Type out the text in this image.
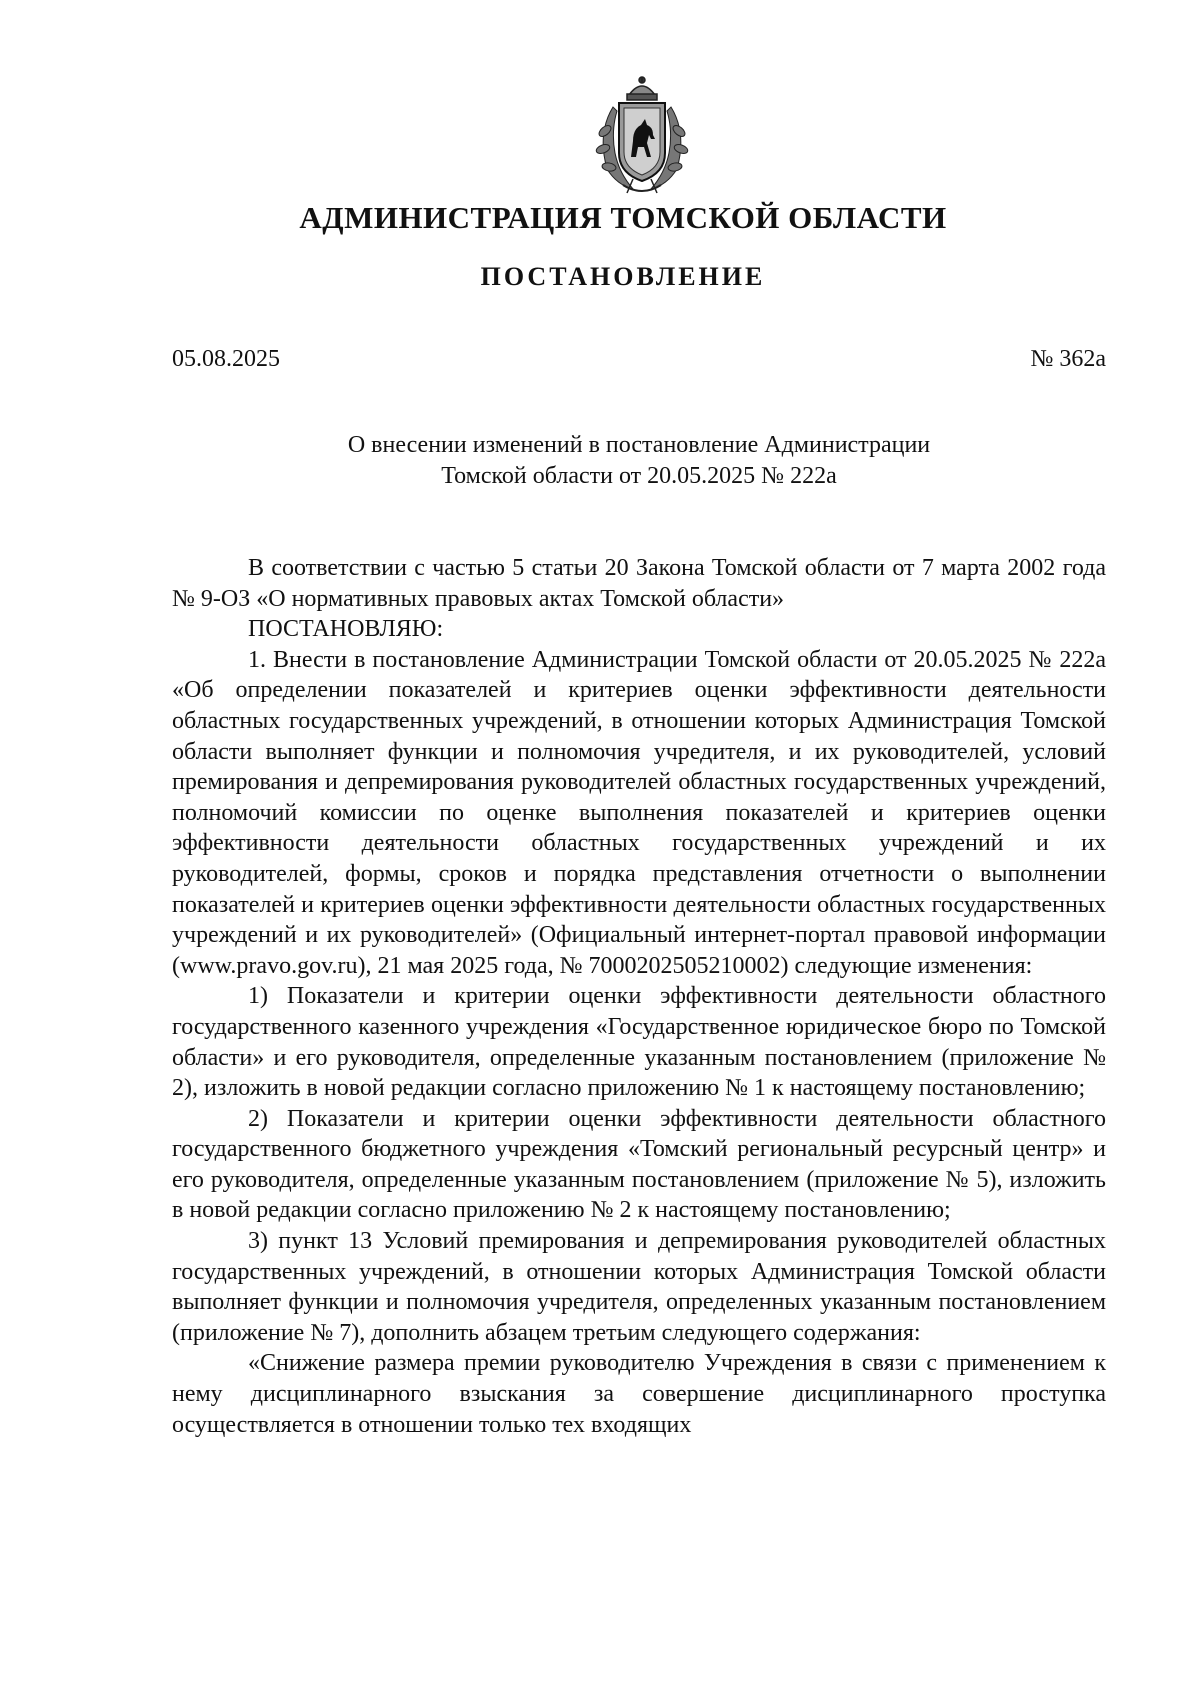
АДМИНИСТРАЦИЯ ТОМСКОЙ ОБЛАСТИ
ПОСТАНОВЛЕНИЕ
05.08.2025	№ 362а
О внесении изменений в постановление Администрации
Томской области от 20.05.2025 № 222а

В соответствии с частью 5 статьи 20 Закона Томской области от 7 марта 2002 года № 9-ОЗ «О нормативных правовых актах Томской области»

ПОСТАНОВЛЯЮ:

1. Внести в постановление Администрации Томской области от 20.05.2025 № 222а «Об определении показателей и критериев оценки эффективности деятельности областных государственных учреждений, в отношении которых Администрация Томской области выполняет функции и полномочия учредителя, и их руководителей, условий премирования и депремирования руководителей областных государственных учреждений, полномочий комиссии по оценке выполнения показателей и критериев оценки эффективности деятельности областных государственных учреждений и их руководителей, формы, сроков и порядка представления отчетности о выполнении показателей и критериев оценки эффективности деятельности областных государственных учреждений и их руководителей» (Официальный интернет-портал правовой информации (www.pravo.gov.ru), 21 мая 2025 года, № 7000202505210002) следующие изменения:

1) Показатели и критерии оценки эффективности деятельности областного государственного казенного учреждения «Государственное юридическое бюро по Томской области» и его руководителя, определенные указанным постановлением (приложение № 2), изложить в новой редакции согласно приложению № 1 к настоящему постановлению;

2) Показатели и критерии оценки эффективности деятельности областного государственного бюджетного учреждения «Томский региональный ресурсный центр» и его руководителя, определенные указанным постановлением (приложение № 5), изложить в новой редакции согласно приложению № 2 к настоящему постановлению;

3) пункт 13 Условий премирования и депремирования руководителей областных государственных учреждений, в отношении которых Администрация Томской области выполняет функции и полномочия учредителя, определенных указанным постановлением (приложение № 7), дополнить абзацем третьим следующего содержания:

«Снижение размера премии руководителю Учреждения в связи с применением к нему дисциплинарного взыскания за совершение дисциплинарного проступка осуществляется в отношении только тех входящих
